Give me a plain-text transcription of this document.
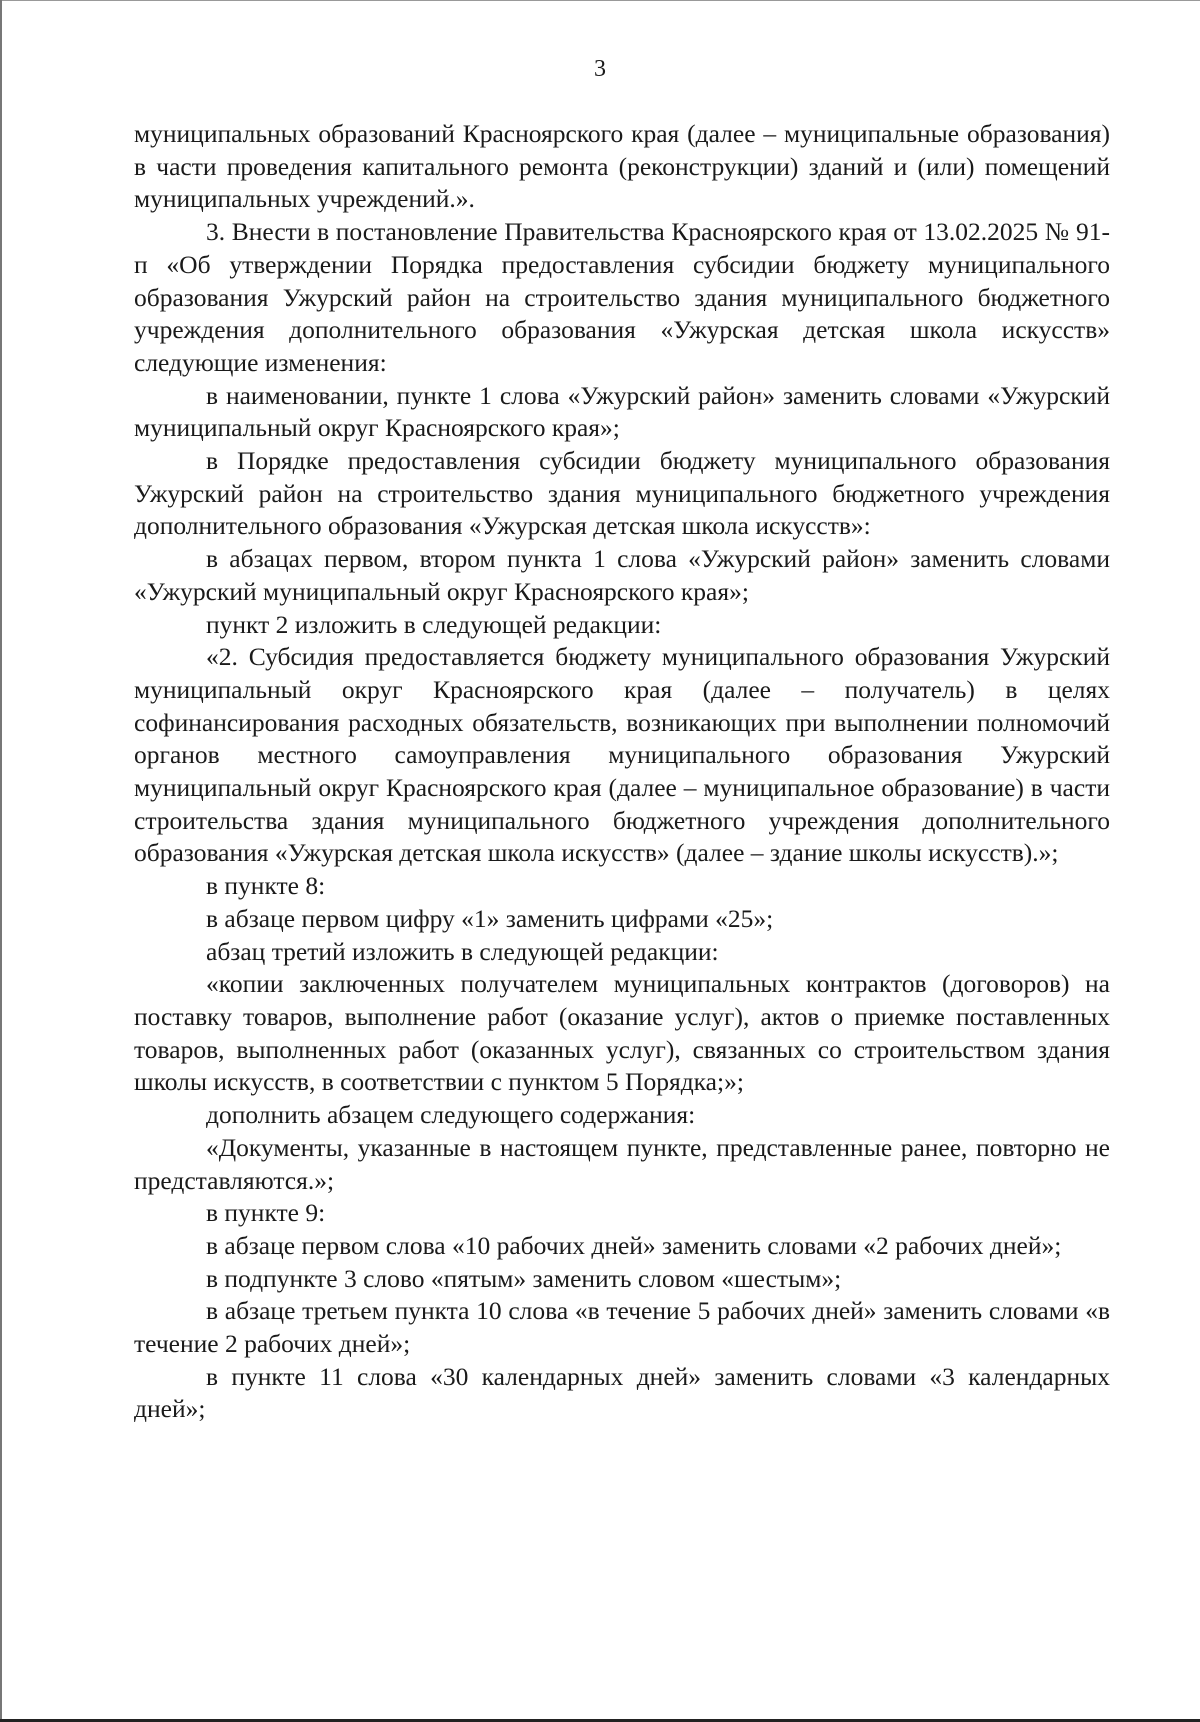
3

муниципальных образований Красноярского края (далее – муниципальные образования) в части проведения капитального ремонта (реконструкции) зданий и (или) помещений муниципальных учреждений.».

3. Внести в постановление Правительства Красноярского края от 13.02.2025 № 91-п «Об утверждении Порядка предоставления субсидии бюджету муниципального образования Ужурский район на строительство здания муниципального бюджетного учреждения дополнительного образования «Ужурская детская школа искусств» следующие изменения:

в наименовании, пункте 1 слова «Ужурский район» заменить словами «Ужурский муниципальный округ Красноярского края»;

в Порядке предоставления субсидии бюджету муниципального образования Ужурский район на строительство здания муниципального бюджетного учреждения дополнительного образования «Ужурская детская школа искусств»:

в абзацах первом, втором пункта 1 слова «Ужурский район» заменить словами «Ужурский муниципальный округ Красноярского края»;

пункт 2 изложить в следующей редакции:

«2. Субсидия предоставляется бюджету муниципального образования Ужурский муниципальный округ Красноярского края (далее – получатель) в целях софинансирования расходных обязательств, возникающих при выполнении полномочий органов местного самоуправления муниципального образования Ужурский муниципальный округ Красноярского края (далее – муниципальное образование) в части строительства здания муниципального бюджетного учреждения дополнительного образования «Ужурская детская школа искусств» (далее – здание школы искусств).»;

в пункте 8:

в абзаце первом цифру «1» заменить цифрами «25»;

абзац третий изложить в следующей редакции:

«копии заключенных получателем муниципальных контрактов (договоров) на поставку товаров, выполнение работ (оказание услуг), актов о приемке поставленных товаров, выполненных работ (оказанных услуг), связанных со строительством здания школы искусств, в соответствии с пунктом 5 Порядка;»;

дополнить абзацем следующего содержания:

«Документы, указанные в настоящем пункте, представленные ранее, повторно не представляются.»;

в пункте 9:

в абзаце первом слова «10 рабочих дней» заменить словами «2 рабочих дней»;

в подпункте 3 слово «пятым» заменить словом «шестым»;

в абзаце третьем пункта 10 слова «в течение 5 рабочих дней» заменить словами «в течение 2 рабочих дней»;

в пункте 11 слова «30 календарных дней» заменить словами «3 календарных дней»;
